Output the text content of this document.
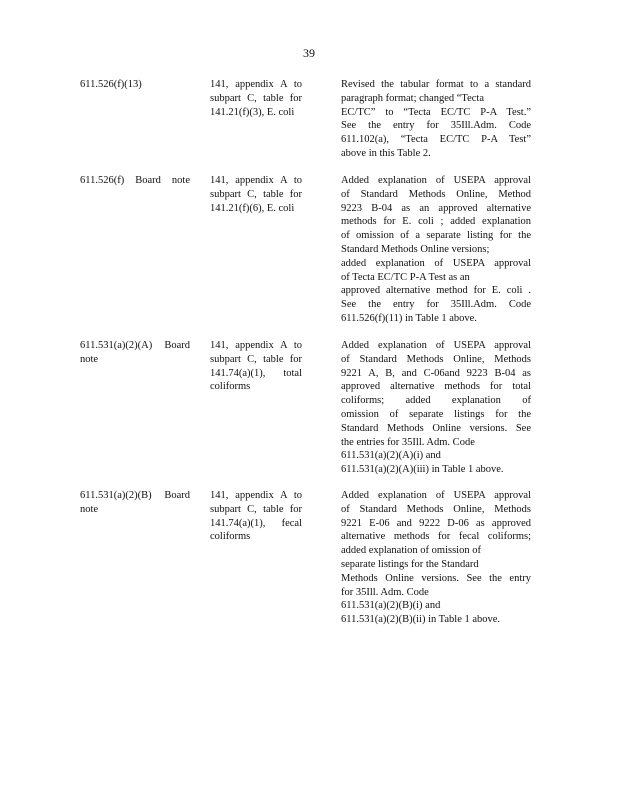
39
611.526(f)(13)	141, appendix A to
subpart C, table for
141.21(f)(3), E. coli
Revised the tabular format to a standard
paragraph format; changed “Tecta
EC/TC” to “Tecta EC/TC P-A Test.”
See the entry for 35Ill.Adm. Code
611.102(a), “Tecta EC/TC P-A Test”
above in this Table 2.
611.526(f) Board note 141, appendix A to
subpart C, table for
141.21(f)(6), E. coli
Added explanation of USEPA approval
of Standard Methods Online, Method
9223 B-04 as an approved alternative
methods for E. coli ; added explanation
of omission of a separate listing for the
Standard Methods Online versions;
added explanation of USEPA approval
of Tecta EC/TC P-A Test as an
approved alternative method for E. coli .
See the entry for 35Ill.Adm. Code
611.526(f)(11) in Table 1 above.
611.531(a)(2)(A) Board
note
141, appendix A to
subpart C, table for
141.74(a)(1), total
coliforms
Added explanation of USEPA approval
of Standard Methods Online, Methods
9221 A, B, and C-06and 9223 B-04 as
approved alternative methods for total
coliforms; added explanation of
omission of separate listings for the
Standard Methods Online versions. See
the entries for 35Ill. Adm. Code
611.531(a)(2)(A)(i) and
611.531(a)(2)(A)(iii) in Table 1 above.
611.531(a)(2)(B) Board
note
141, appendix A to
subpart C, table for
141.74(a)(1), fecal
coliforms
Added explanation of USEPA approval
of Standard Methods Online, Methods
9221 E-06 and 9222 D-06 as approved
alternative methods for fecal coliforms;
added explanation of omission of
separate listings for the Standard
Methods Online versions. See the entry
for 35Ill. Adm. Code
611.531(a)(2)(B)(i) and
611.531(a)(2)(B)(ii) in Table 1 above.
